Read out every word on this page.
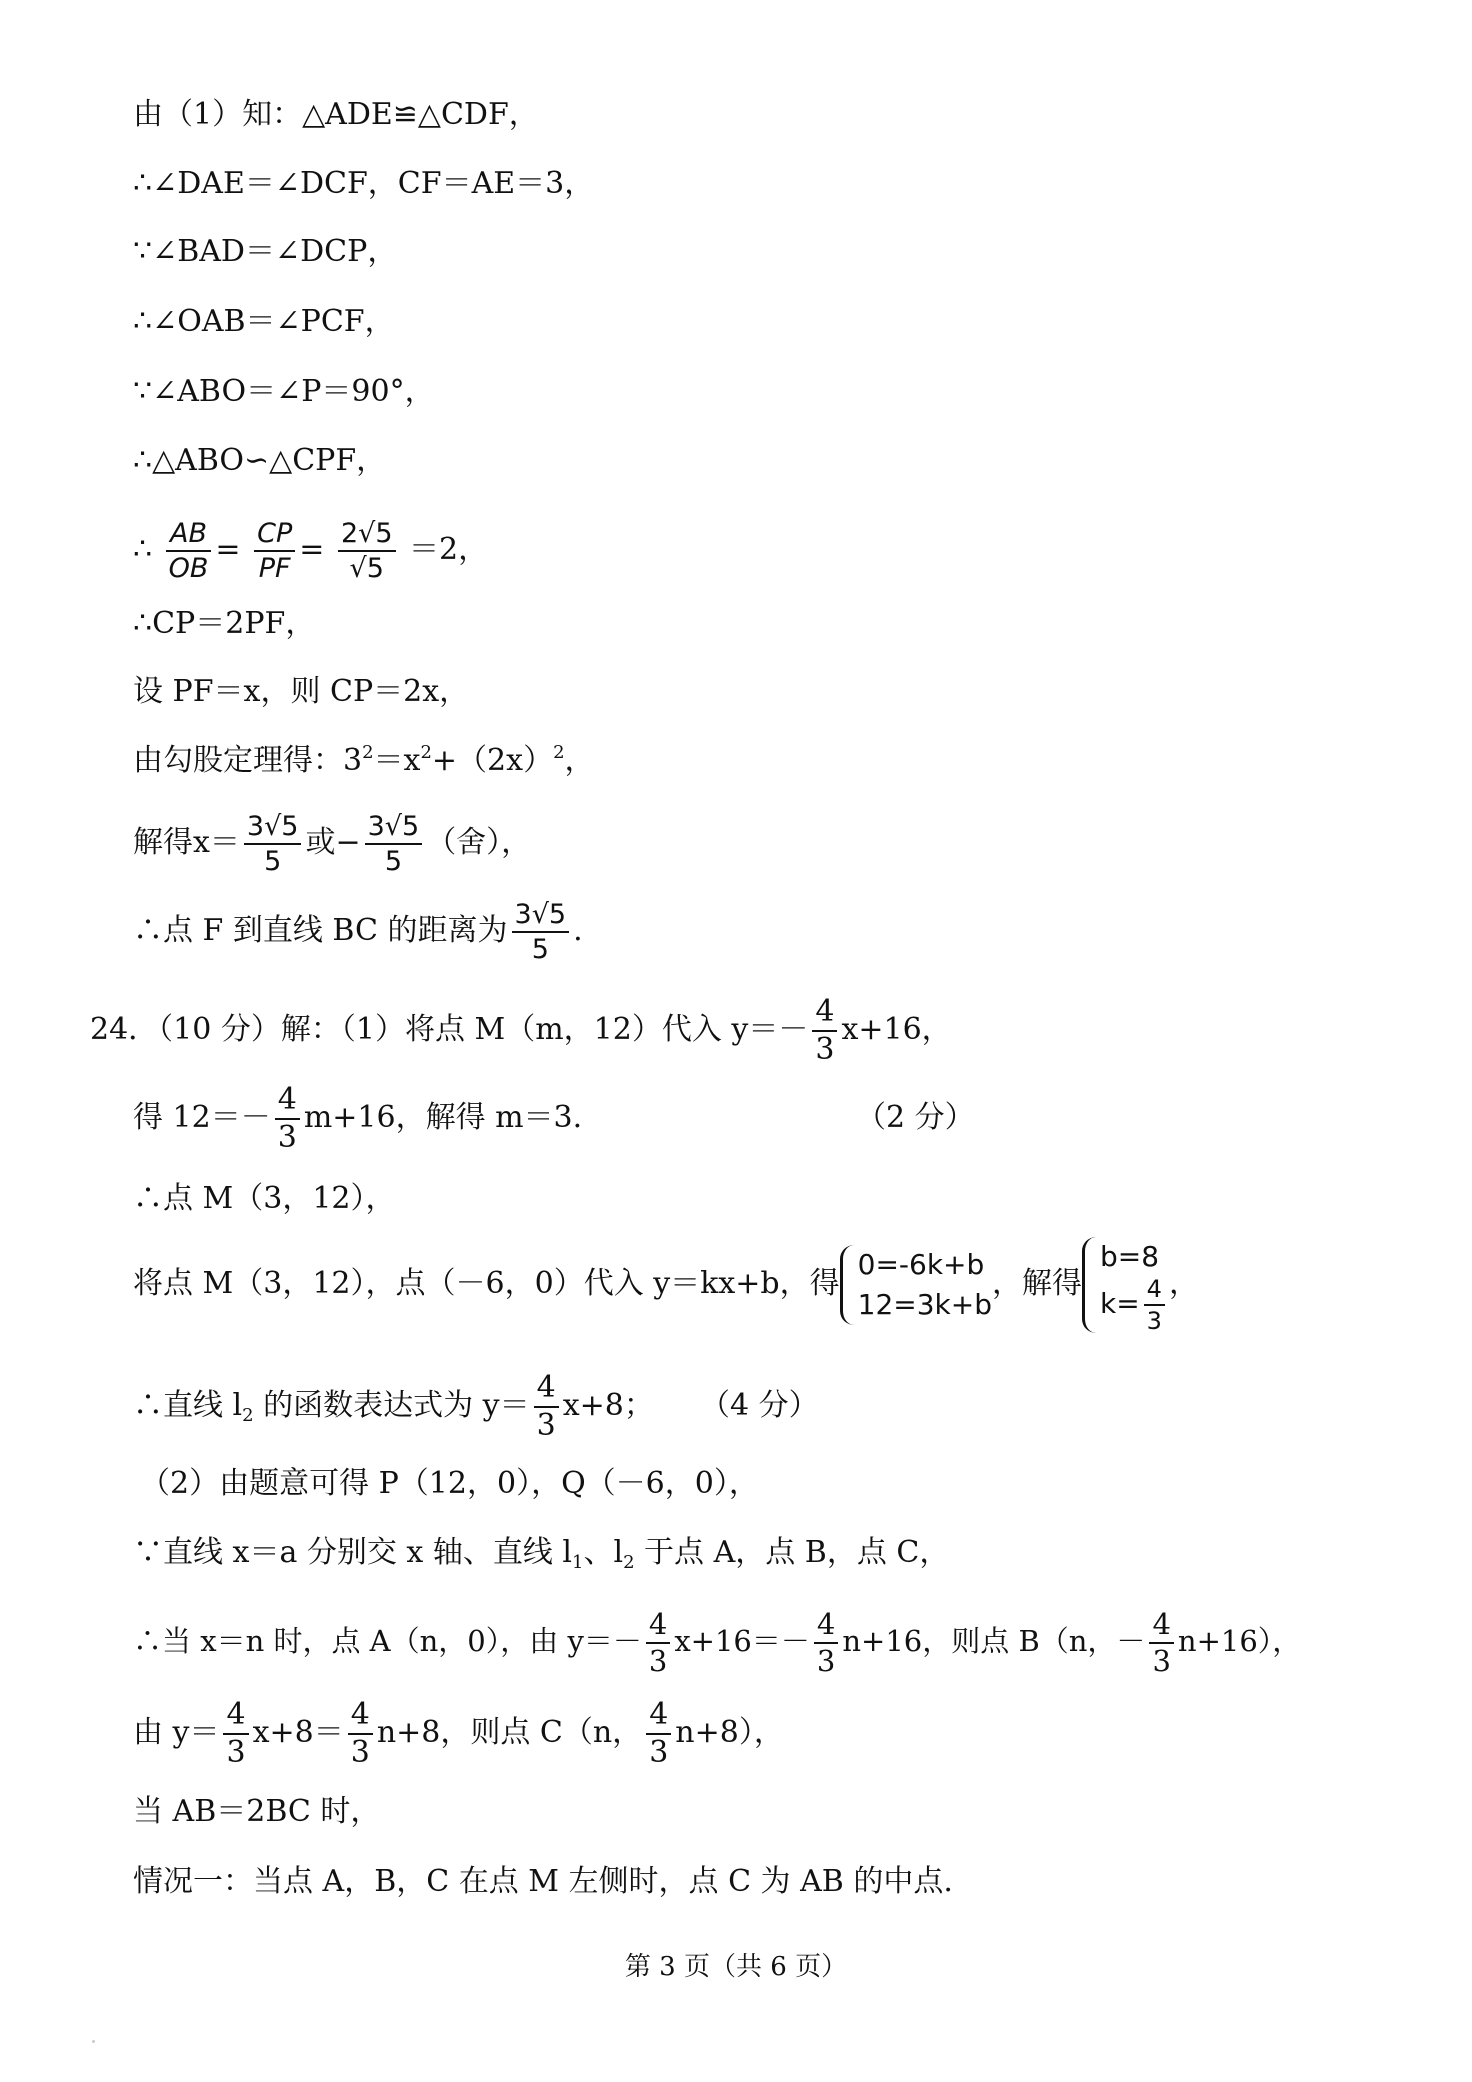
由（1）知：△ADE≌△CDF，
∴∠DAE＝∠DCF，CF＝AE＝3，
∵∠BAD＝∠DCP，
∴∠OAB＝∠PCF，
∵∠ABO＝∠P＝90°，
∴△ABO∽△CPF，
∴ $\frac{AB}{OB} = \frac{CP}{PF} = \frac{2√5}{√5} =2$，
∴CP＝2PF，
设 PF＝x，则 CP＝2x，
由勾股定理得：$3^2=x^2+(2x)^2$，
解得$x= \frac{3√5}{5}$ 或− $\frac{3√5}{5}$ （舍），
∴点 F 到直线 BC 的距离为 $\frac{3√5}{5}$ .
24．（10 分）解：（1）将点 M（m，12）代入 $y=- \frac{4}{3} x+16$，
得 $12=- \frac{4}{3} m+16$，解得 m＝3.	（2 分）
∴点 M（3，12），
将点 M（3，12），点（－6，0）代入 y＝kx+b，得
0=-6k+b
12=3k+b
，解得
b=8
$k= \frac{4}{3}$ ，
∴直线 $l_2$ 的函数表达式为 $y= \frac{4}{3} x+8$； （4 分）
（2）由题意可得 P（12，0），Q（－6，0），
∵直线 x＝a 分别交 x 轴、直线 $l_1$、$l_2$ 于点 A，点 B，点 C，
∴当 x＝n 时，点 A（n，0），由 $y=- \frac{4}{3} x+16=- \frac{4}{3} n+16$，则点 B（n，－ $\frac{4}{3} n+16$），
由 $y= \frac{4}{3} x+8= \frac{4}{3} n+8$，则点 C（n， $\frac{4}{3} n+8$），
当 AB＝2BC 时，
情况一：当点 A，B，C 在点 M 左侧时，点 C 为 AB 的中点.
第 3 页（共 6 页）
